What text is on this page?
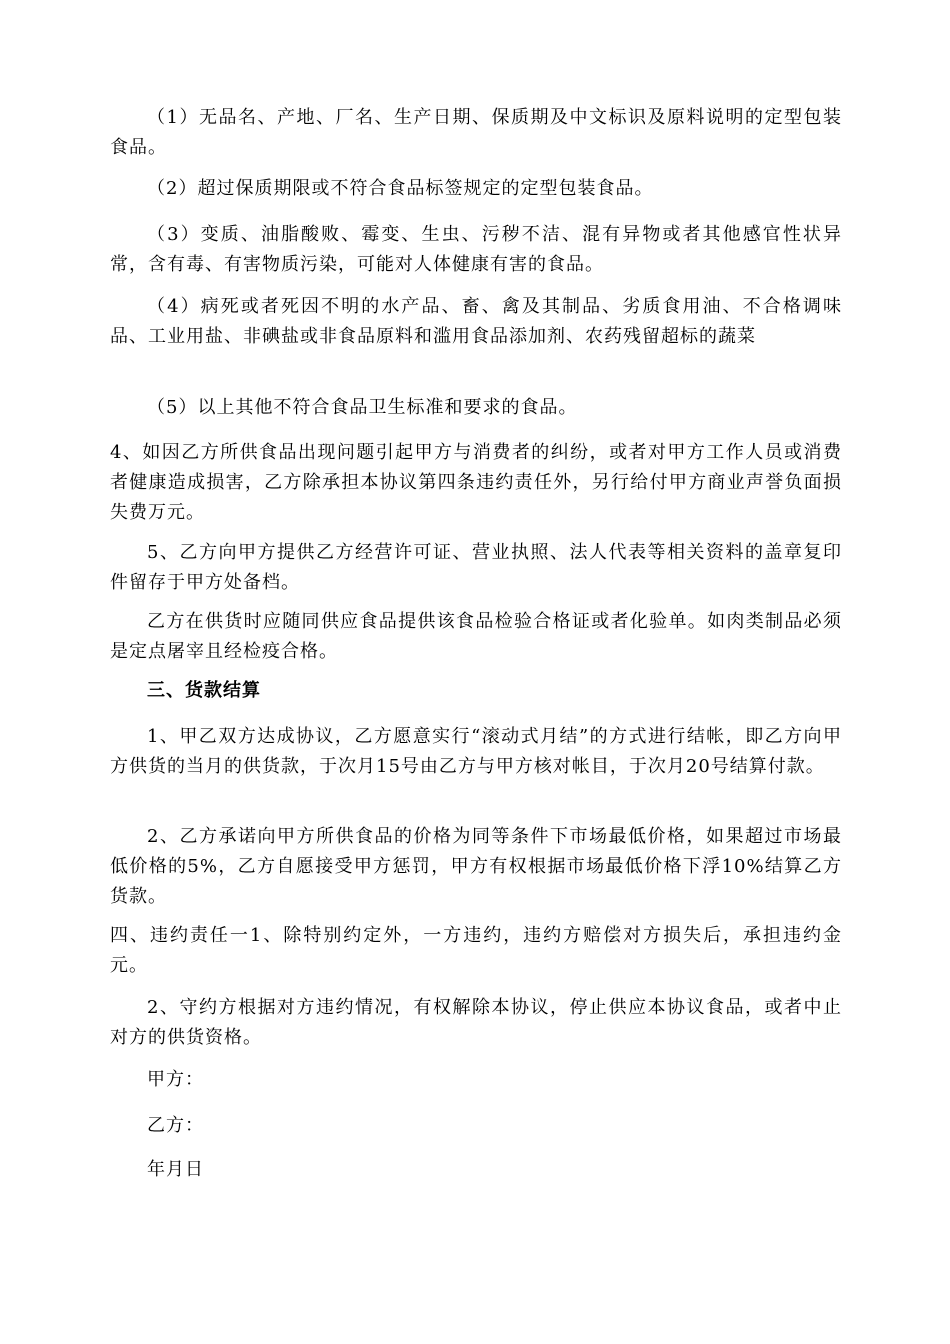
（1）无品名、产地、厂名、生产日期、保质期及中文标识及原料说明的定型包装食品。

（2）超过保质期限或不符合食品标签规定的定型包装食品。

（3）变质、油脂酸败、霉变、生虫、污秽不洁、混有异物或者其他感官性状异常，含有毒、有害物质污染，可能对人体健康有害的食品。

（4）病死或者死因不明的水产品、畜、禽及其制品、劣质食用油、不合格调味品、工业用盐、非碘盐或非食品原料和滥用食品添加剂、农药残留超标的蔬菜

（5）以上其他不符合食品卫生标准和要求的食品。

4、如因乙方所供食品出现问题引起甲方与消费者的纠纷，或者对甲方工作人员或消费者健康造成损害，乙方除承担本协议第四条违约责任外，另行给付甲方商业声誉负面损失费万元。

5、乙方向甲方提供乙方经营许可证、营业执照、法人代表等相关资料的盖章复印件留存于甲方处备档。

乙方在供货时应随同供应食品提供该食品检验合格证或者化验单。如肉类制品必须是定点屠宰且经检疫合格。

三、货款结算

1、甲乙双方达成协议，乙方愿意实行“滚动式月结”的方式进行结帐，即乙方向甲方供货的当月的供货款，于次月15号由乙方与甲方核对帐目，于次月20号结算付款。

2、乙方承诺向甲方所供食品的价格为同等条件下市场最低价格，如果超过市场最低价格的5%，乙方自愿接受甲方惩罚，甲方有权根据市场最低价格下浮10%结算乙方货款。

四、违约责任一1、除特别约定外，一方违约，违约方赔偿对方损失后，承担违约金元。

2、守约方根据对方违约情况，有权解除本协议，停止供应本协议食品，或者中止对方的供货资格。

甲方：

乙方：

年月日
